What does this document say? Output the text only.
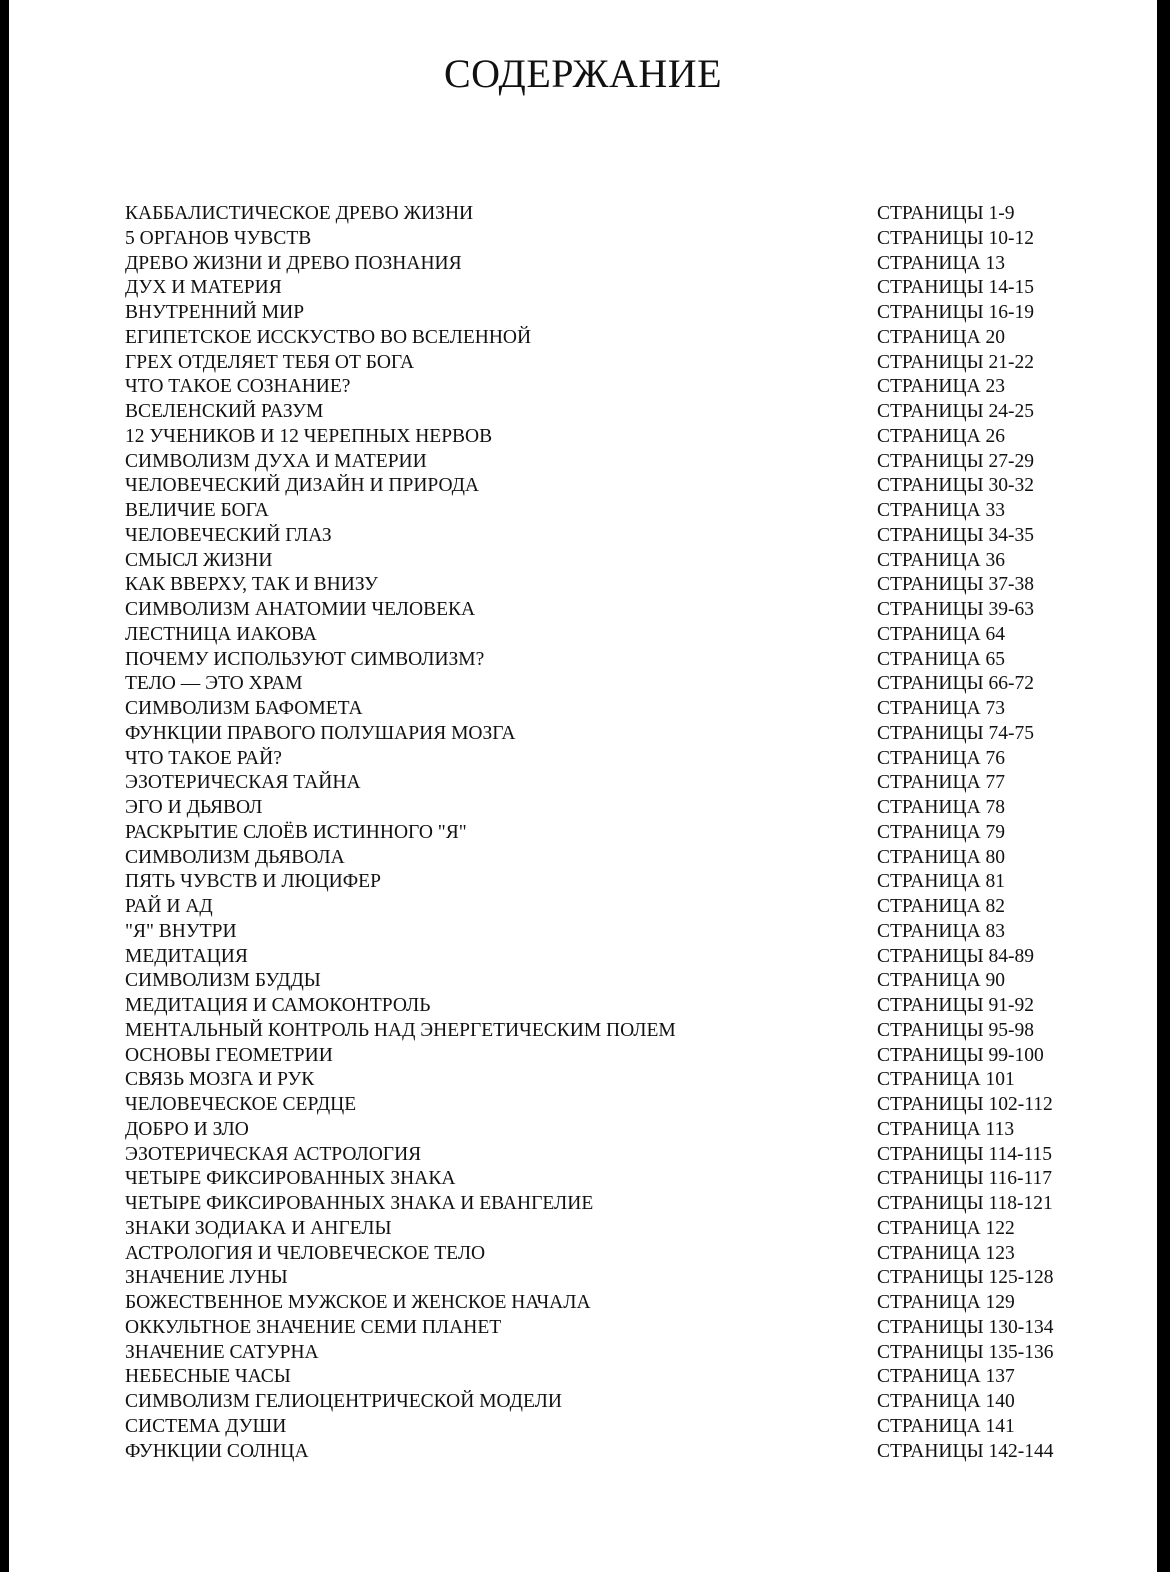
СОДЕРЖАНИЕ
КАББАЛИСТИЧЕСКОЕ ДРЕВО ЖИЗНИ	СТРАНИЦЫ 1-9
5 ОРГАНОВ ЧУВСТВ	СТРАНИЦЫ 10-12
ДРЕВО ЖИЗНИ И ДРЕВО ПОЗНАНИЯ	СТРАНИЦА 13
ДУХ И МАТЕРИЯ	СТРАНИЦЫ 14-15
ВНУТРЕННИЙ МИР	СТРАНИЦЫ 16-19
ЕГИПЕТСКОЕ ИССКУСТВО ВО ВСЕЛЕННОЙ	СТРАНИЦА 20
ГРЕХ ОТДЕЛЯЕТ ТЕБЯ ОТ БОГА	СТРАНИЦЫ 21-22
ЧТО ТАКОЕ СОЗНАНИЕ?	СТРАНИЦА 23
ВСЕЛЕНСКИЙ РАЗУМ	СТРАНИЦЫ 24-25
12 УЧЕНИКОВ И 12 ЧЕРЕПНЫХ НЕРВОВ	СТРАНИЦА 26
СИМВОЛИЗМ ДУХА И МАТЕРИИ	СТРАНИЦЫ 27-29
ЧЕЛОВЕЧЕСКИЙ ДИЗАЙН И ПРИРОДА	СТРАНИЦЫ 30-32
ВЕЛИЧИЕ БОГА	СТРАНИЦА 33
ЧЕЛОВЕЧЕСКИЙ ГЛАЗ	СТРАНИЦЫ 34-35
СМЫСЛ ЖИЗНИ	СТРАНИЦА 36
КАК ВВЕРХУ, ТАК И ВНИЗУ	СТРАНИЦЫ 37-38
СИМВОЛИЗМ АНАТОМИИ ЧЕЛОВЕКА	СТРАНИЦЫ 39-63
ЛЕСТНИЦА ИАКОВА	СТРАНИЦА 64
ПОЧЕМУ ИСПОЛЬЗУЮТ СИМВОЛИЗМ?	СТРАНИЦА 65
ТЕЛО — ЭТО ХРАМ	СТРАНИЦЫ 66-72
СИМВОЛИЗМ БАФОМЕТА	СТРАНИЦА 73
ФУНКЦИИ ПРАВОГО ПОЛУШАРИЯ МОЗГА	СТРАНИЦЫ 74-75
ЧТО ТАКОЕ РАЙ?	СТРАНИЦА 76
ЭЗОТЕРИЧЕСКАЯ ТАЙНА	СТРАНИЦА 77
ЭГО И ДЬЯВОЛ	СТРАНИЦА 78
РАСКРЫТИЕ СЛОЁВ ИСТИННОГО "Я"	СТРАНИЦА 79
СИМВОЛИЗМ ДЬЯВОЛА	СТРАНИЦА 80
ПЯТЬ ЧУВСТВ И ЛЮЦИФЕР	СТРАНИЦА 81
РАЙ И АД	СТРАНИЦА 82
"Я" ВНУТРИ	СТРАНИЦА 83
МЕДИТАЦИЯ	СТРАНИЦЫ 84-89
СИМВОЛИЗМ БУДДЫ	СТРАНИЦА 90
МЕДИТАЦИЯ И САМОКОНТРОЛЬ	СТРАНИЦЫ 91-92
МЕНТАЛЬНЫЙ КОНТРОЛЬ НАД ЭНЕРГЕТИЧЕСКИМ ПОЛЕМ	СТРАНИЦЫ 95-98
ОСНОВЫ ГЕОМЕТРИИ	СТРАНИЦЫ 99-100
СВЯЗЬ МОЗГА И РУК	СТРАНИЦА 101
ЧЕЛОВЕЧЕСКОЕ СЕРДЦЕ	СТРАНИЦЫ 102-112
ДОБРО И ЗЛО	СТРАНИЦА 113
ЭЗОТЕРИЧЕСКАЯ АСТРОЛОГИЯ	СТРАНИЦЫ 114-115
ЧЕТЫРЕ ФИКСИРОВАННЫХ ЗНАКА	СТРАНИЦЫ 116-117
ЧЕТЫРЕ ФИКСИРОВАННЫХ ЗНАКА И ЕВАНГЕЛИЕ	СТРАНИЦЫ 118-121
ЗНАКИ ЗОДИАКА И АНГЕЛЫ	СТРАНИЦА 122
АСТРОЛОГИЯ И ЧЕЛОВЕЧЕСКОЕ ТЕЛО	СТРАНИЦА 123
ЗНАЧЕНИЕ ЛУНЫ	СТРАНИЦЫ 125-128
БОЖЕСТВЕННОЕ МУЖСКОЕ И ЖЕНСКОЕ НАЧАЛА	СТРАНИЦА 129
ОККУЛЬТНОЕ ЗНАЧЕНИЕ СЕМИ ПЛАНЕТ	СТРАНИЦЫ 130-134
ЗНАЧЕНИЕ САТУРНА	СТРАНИЦЫ 135-136
НЕБЕСНЫЕ ЧАСЫ	СТРАНИЦА 137
СИМВОЛИЗМ ГЕЛИОЦЕНТРИЧЕСКОЙ МОДЕЛИ	СТРАНИЦА 140
СИСТЕМА ДУШИ	СТРАНИЦА 141
ФУНКЦИИ СОЛНЦА	СТРАНИЦЫ 142-144
